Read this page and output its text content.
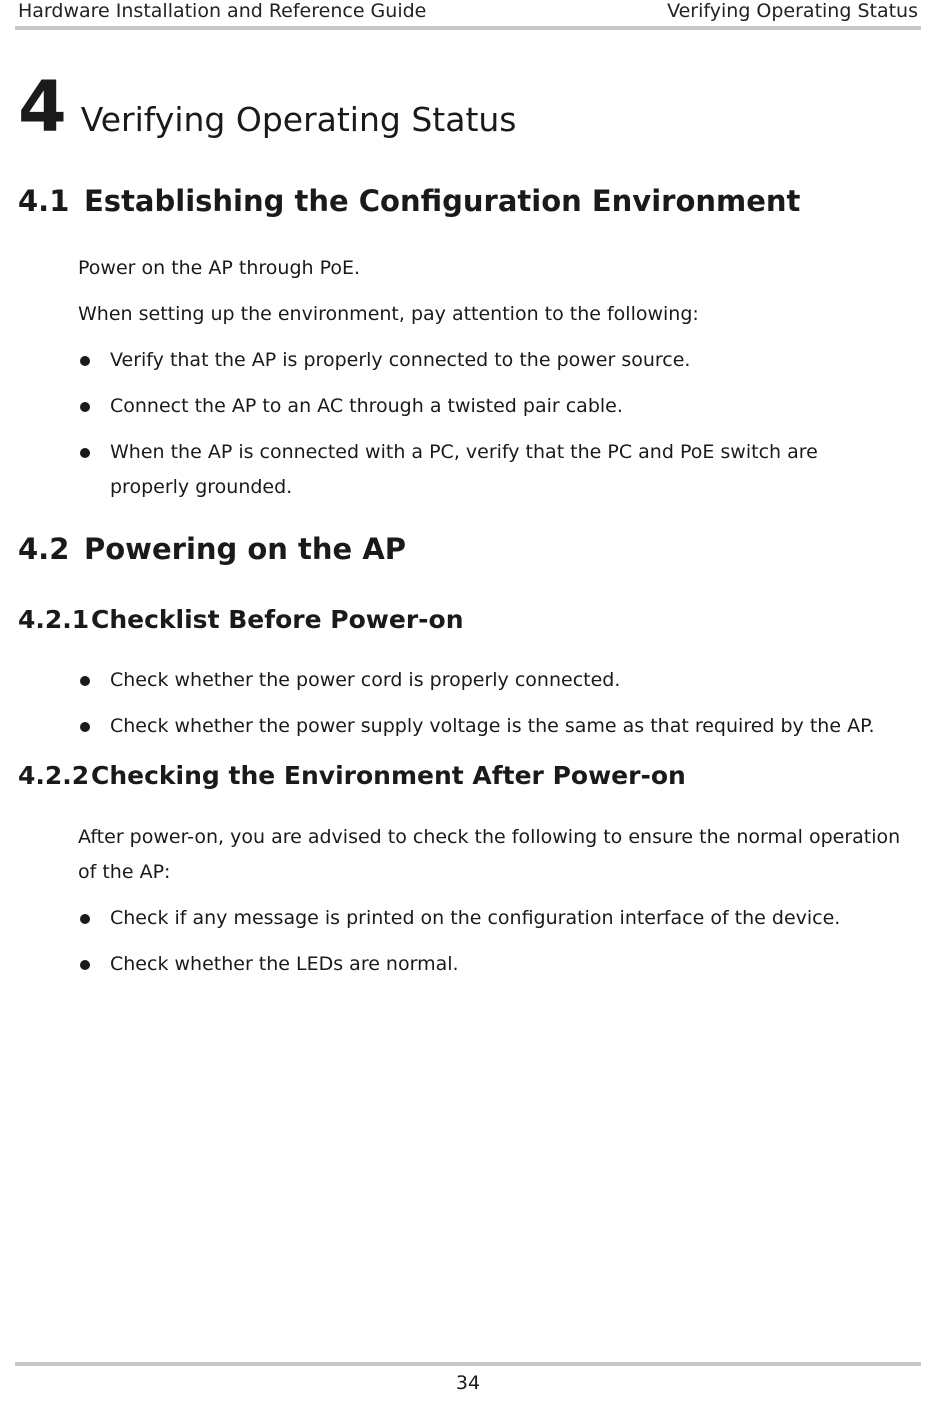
Hardware Installation and Reference Guide	Verifying Operating Status
4 Verifying Operating Status
4.1 Establishing the Configuration Environment
Power on the AP through PoE.
When setting up the environment, pay attention to the following:
Verify that the AP is properly connected to the power source.
Connect the AP to an AC through a twisted pair cable.
When the AP is connected with a PC, verify that the PC and PoE switch are properly grounded.
4.2 Powering on the AP
4.2.1Checklist Before Power-on
Check whether the power cord is properly connected.
Check whether the power supply voltage is the same as that required by the AP.
4.2.2Checking the Environment After Power-on
After power-on, you are advised to check the following to ensure the normal operation of the AP:
Check if any message is printed on the configuration interface of the device.
Check whether the LEDs are normal.
34
